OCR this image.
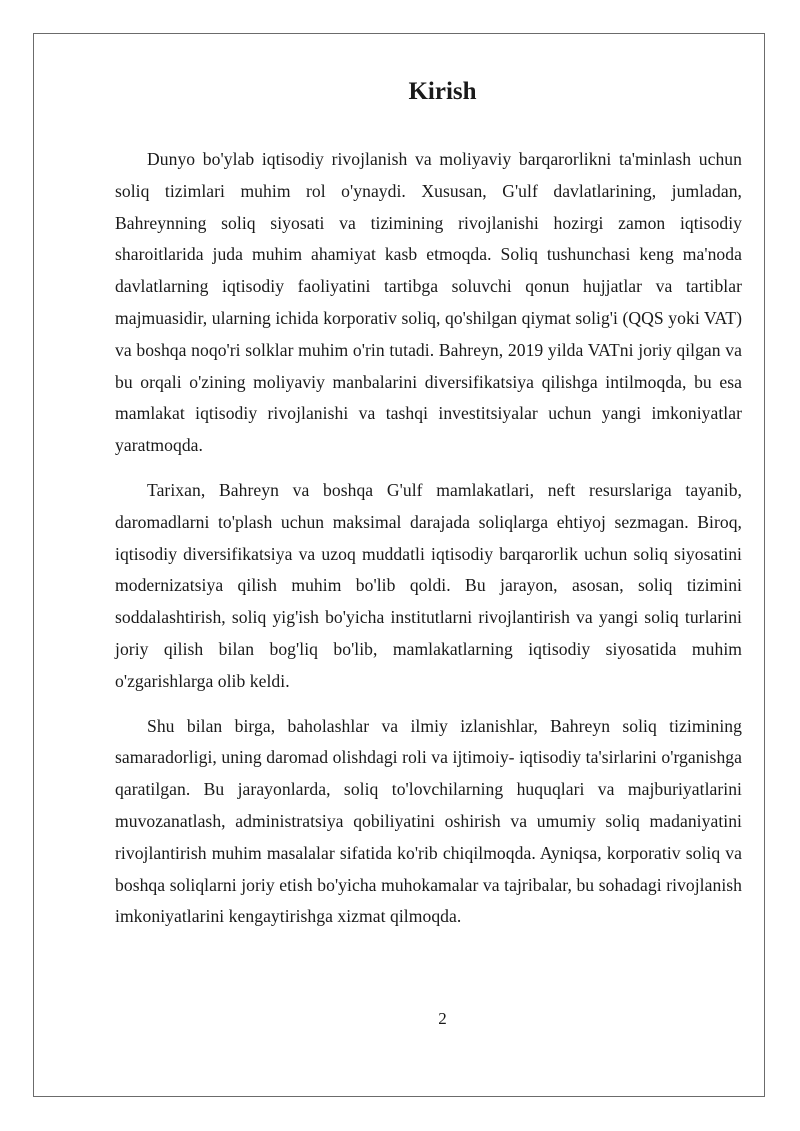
Kirish

Dunyo bo'ylab iqtisodiy rivojlanish va moliyaviy barqarorlikni ta'minlash uchun soliq tizimlari muhim rol o'ynaydi. Xususan, G'ulf davlatlarining, jumladan, Bahreynning soliq siyosati va tizimining rivojlanishi hozirgi zamon iqtisodiy sharoitlarida juda muhim ahamiyat kasb etmoqda. Soliq tushunchasi keng ma'noda davlatlarning iqtisodiy faoliyatini tartibga soluvchi qonun hujjatlar va tartiblar majmuasidir, ularning ichida korporativ soliq, qo'shilgan qiymat solig'i (QQS yoki VAT) va boshqa noqo'ri solklar muhim o'rin tutadi. Bahreyn, 2019 yilda VATni joriy qilgan va bu orqali o'zining moliyaviy manbalarini diversifikatsiya qilishga intilmoqda, bu esa mamlakat iqtisodiy rivojlanishi va tashqi investitsiyalar uchun yangi imkoniyatlar yaratmoqda.

Tarixan, Bahreyn va boshqa G'ulf mamlakatlari, neft resurslariga tayanib, daromadlarni to'plash uchun maksimal darajada soliqlarga ehtiyoj sezmagan. Biroq, iqtisodiy diversifikatsiya va uzoq muddatli iqtisodiy barqarorlik uchun soliq siyosatini modernizatsiya qilish muhim bo'lib qoldi. Bu jarayon, asosan, soliq tizimini soddalashtirish, soliq yig'ish bo'yicha institutlarni rivojlantirish va yangi soliq turlarini joriy qilish bilan bog'liq bo'lib, mamlakatlarning iqtisodiy siyosatida muhim o'zgarishlarga olib keldi.

Shu bilan birga, baholashlar va ilmiy izlanishlar, Bahreyn soliq tizimining samaradorligi, uning daromad olishdagi roli va ijtimoiy- iqtisodiy ta'sirlarini o'rganishga qaratilgan. Bu jarayonlarda, soliq to'lovchilarning huquqlari va majburiyatlarini muvozanatlash, administratsiya qobiliyatini oshirish va umumiy soliq madaniyatini rivojlantirish muhim masalalar sifatida ko'rib chiqilmoqda. Ayniqsa, korporativ soliq va boshqa soliqlarni joriy etish bo'yicha muhokamalar va tajribalar, bu sohadagi rivojlanish imkoniyatlarini kengaytirishga xizmat qilmoqda.

2
